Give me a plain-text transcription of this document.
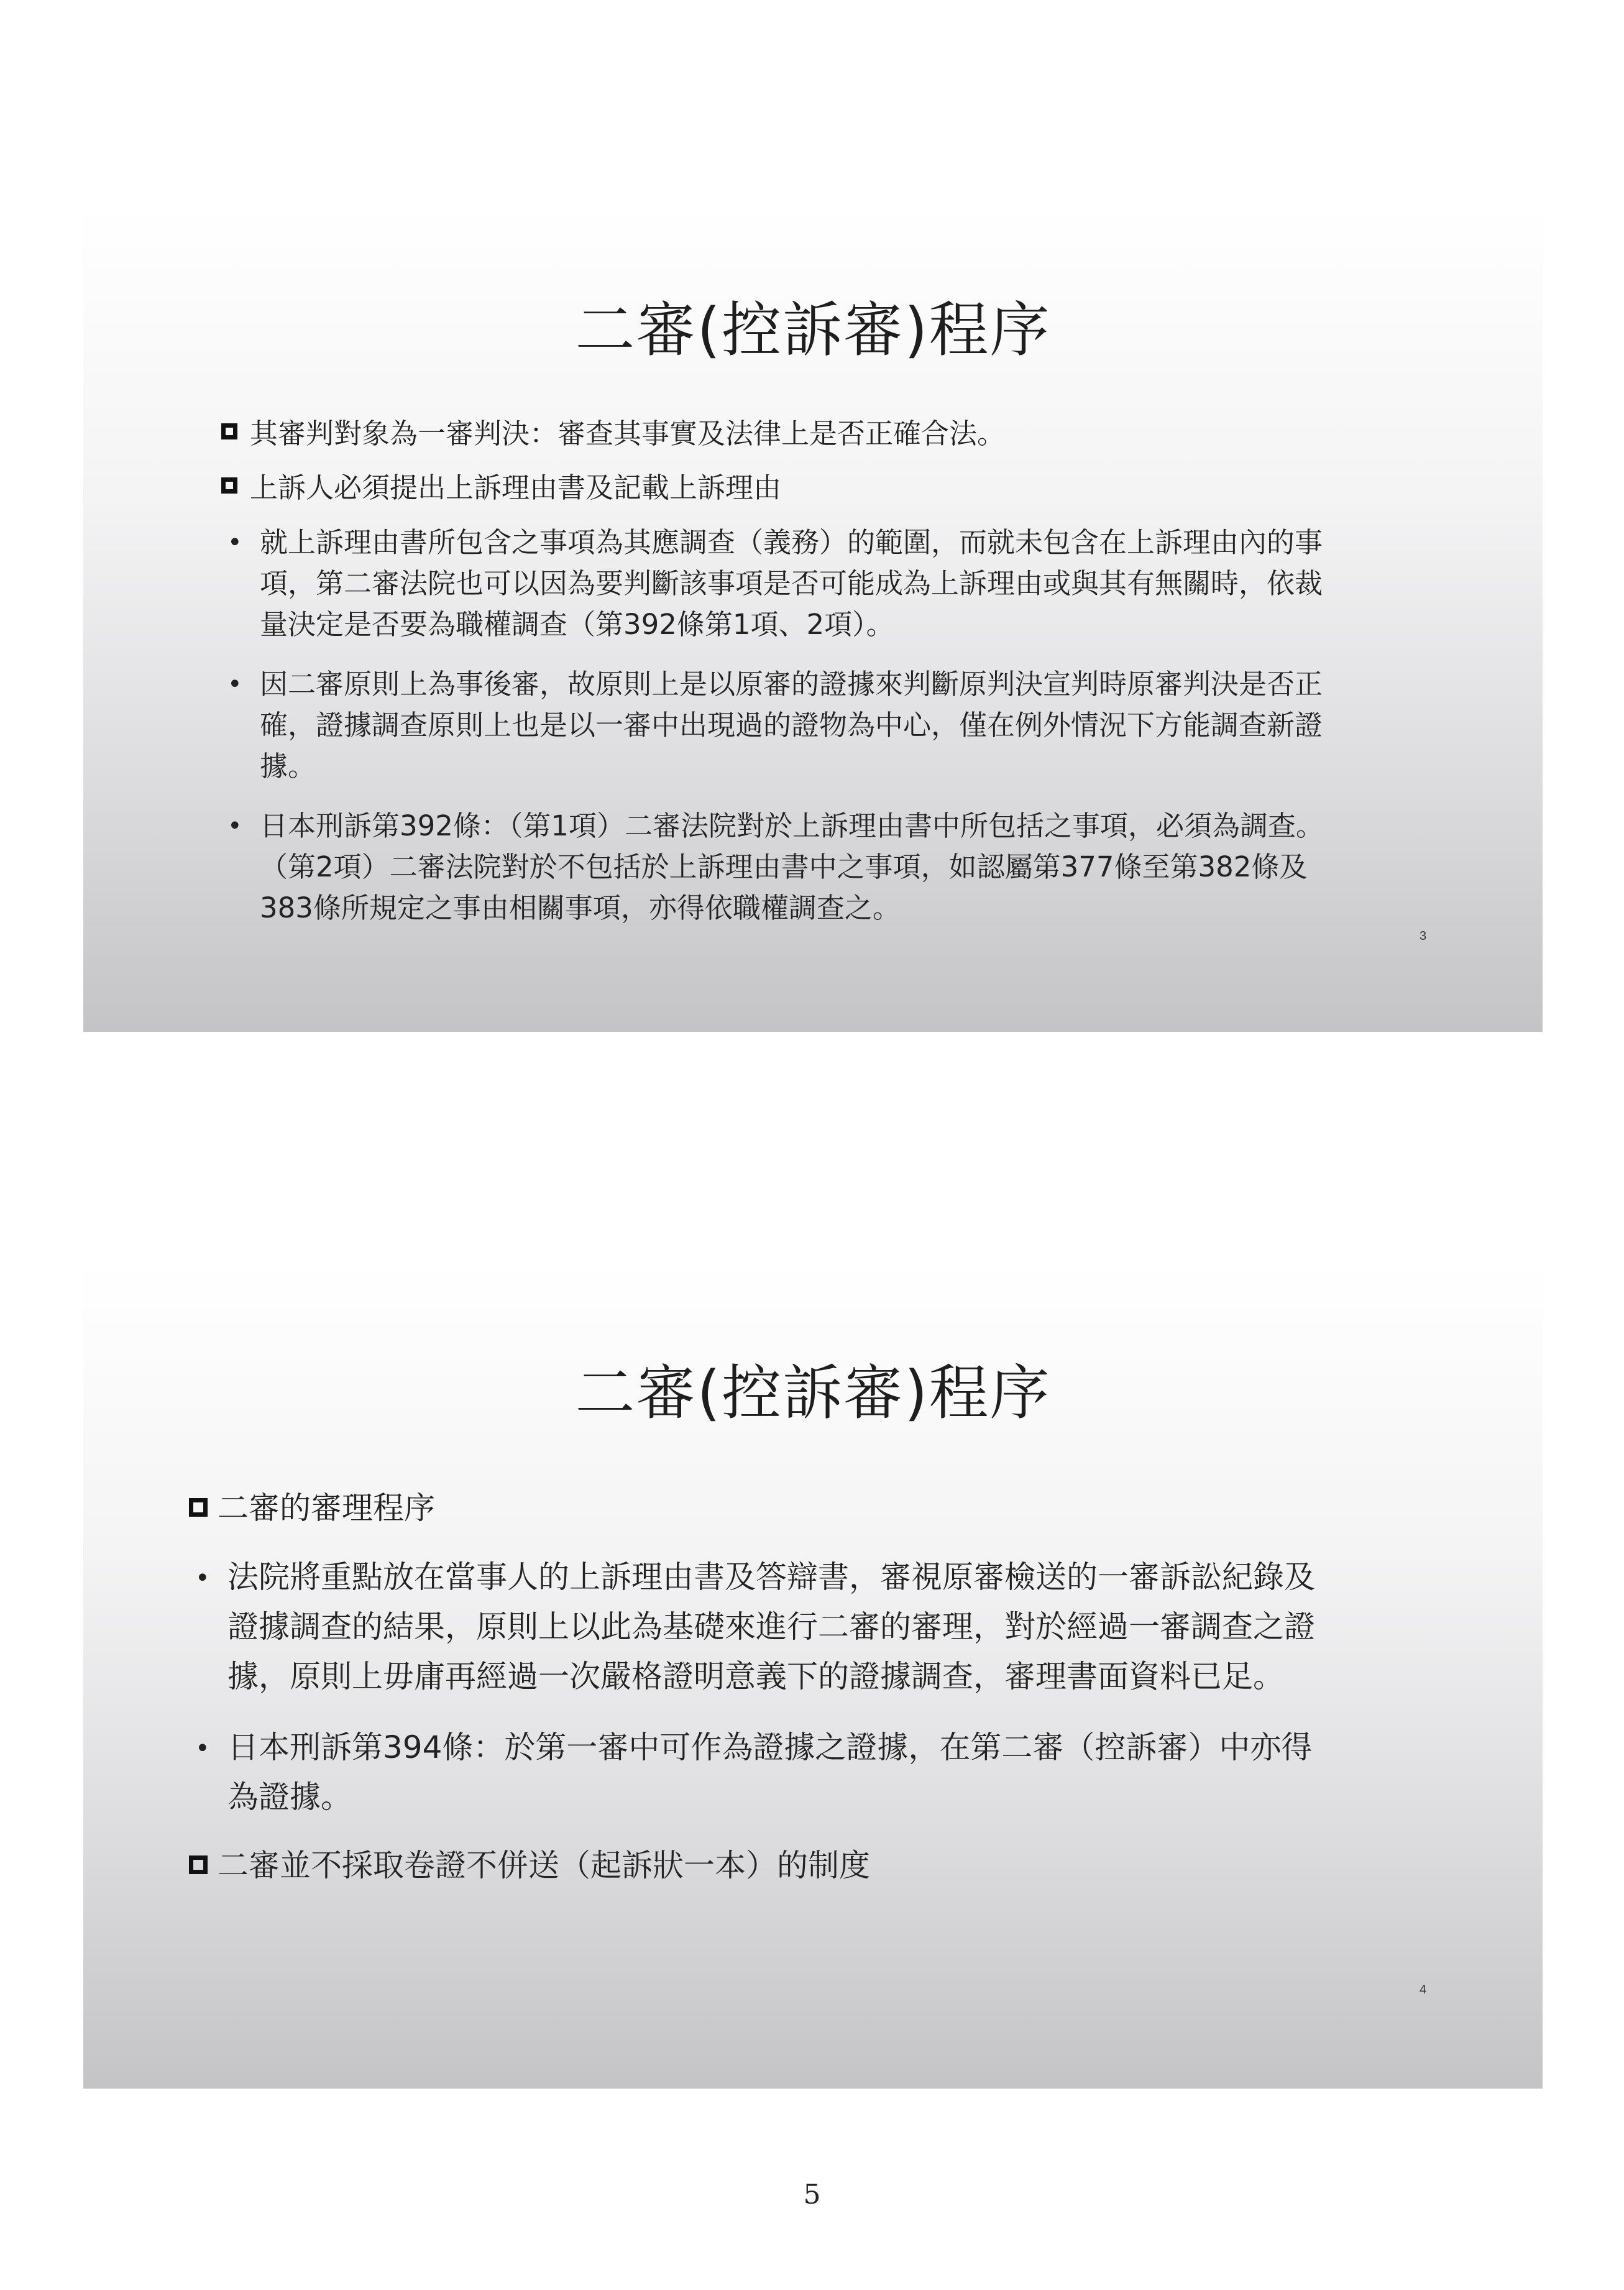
二審(控訴審)程序
其審判對象為一審判決：審查其事實及法律上是否正確合法。
上訴人必須提出上訴理由書及記載上訴理由
• 就上訴理由書所包含之事項為其應調查（義務）的範圍，而就未包含在上訴理由內的事
項，第二審法院也可以因為要判斷該事項是否可能成為上訴理由或與其有無關時，依裁
量決定是否要為職權調查（第392條第1項、2項）。
• 因二審原則上為事後審，故原則上是以原審的證據來判斷原判決宣判時原審判決是否正
確，證據調查原則上也是以一審中出現過的證物為中心，僅在例外情況下方能調查新證
據。
• 日本刑訴第392條：（第1項）二審法院對於上訴理由書中所包括之事項，必須為調查。
（第2項）二審法院對於不包括於上訴理由書中之事項，如認屬第377條至第382條及
383條所規定之事由相關事項，亦得依職權調查之。
3
二審(控訴審)程序
二審的審理程序
• 法院將重點放在當事人的上訴理由書及答辯書，審視原審檢送的一審訴訟紀錄及
證據調查的結果，原則上以此為基礎來進行二審的審理，對於經過一審調查之證
據，原則上毋庸再經過一次嚴格證明意義下的證據調查，審理書面資料已足。
• 日本刑訴第394條：於第一審中可作為證據之證據，在第二審（控訴審）中亦得
為證據。
二審並不採取卷證不併送（起訴狀一本）的制度
4
5
